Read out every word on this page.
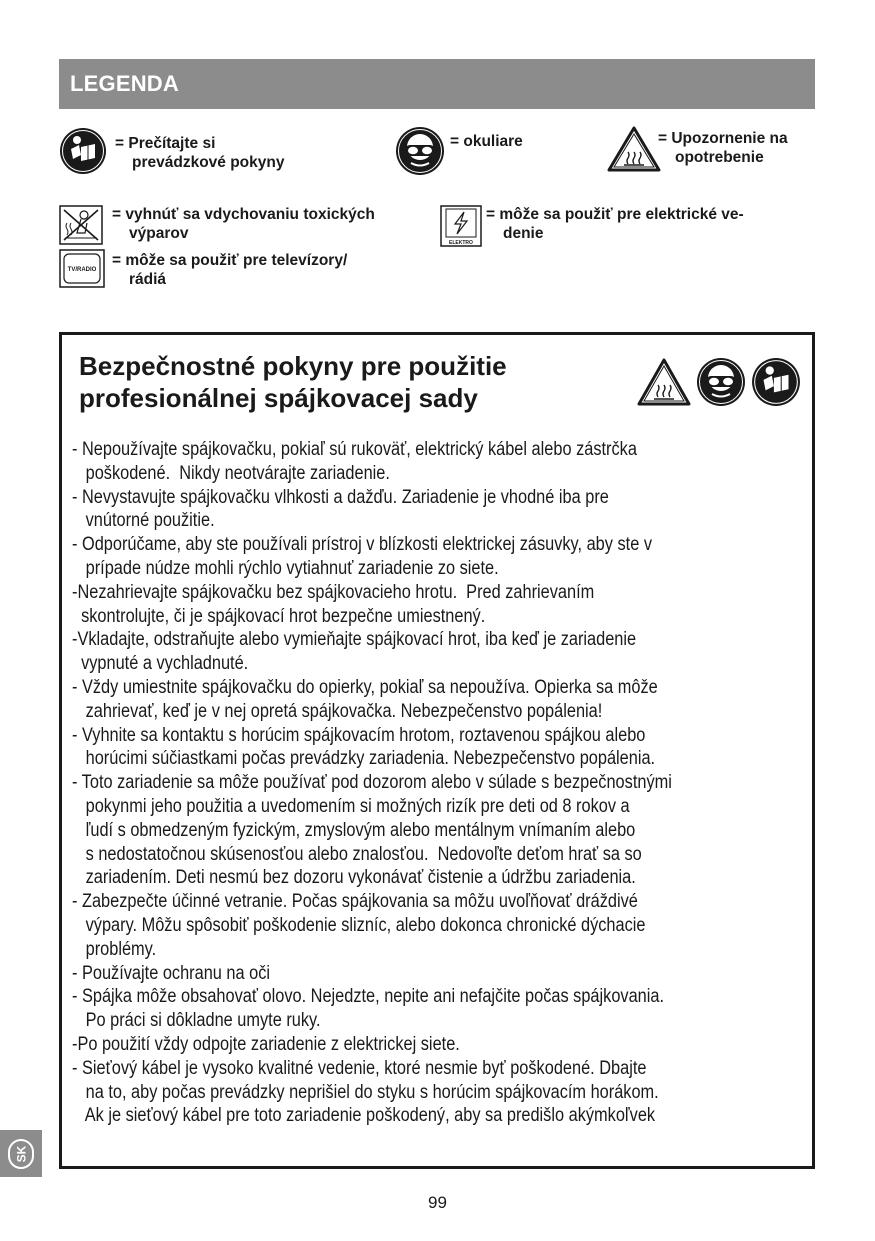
LEGENDA
= Prečítajte si
prevádzkové pokyny
= okuliare	= Upozornenie na
opotrebenie
= vyhnúť sa vdychovaniu toxických
výparov
ELEKTRO
= môže sa použiť pre elektrické ve-
denie
TV/RADIO
= môže sa použiť pre televízory/
rádiá
Bezpečnostné pokyny pre použitie
profesionálnej spájkovacej sady
- Nepoužívajte spájkovačku, pokiaľ sú rukoväť, elektrický kábel alebo zástrčka
poškodené.  Nikdy neotvárajte zariadenie.
- Nevystavujte spájkovačku vlhkosti a dažďu. Zariadenie je vhodné iba pre
vnútorné použitie.
- Odporúčame, aby ste používali prístroj v blízkosti elektrickej zásuvky, aby ste v
prípade núdze mohli rýchlo vytiahnuť zariadenie zo siete.
-Nezahrievajte spájkovačku bez spájkovacieho hrotu.  Pred zahrievaním
skontrolujte, či je spájkovací hrot bezpečne umiestnený.
-Vkladajte, odstraňujte alebo vymieňajte spájkovací hrot, iba keď je zariadenie
vypnuté a vychladnuté.
- Vždy umiestnite spájkovačku do opierky, pokiaľ sa nepoužíva. Opierka sa môže
zahrievať, keď je v nej opretá spájkovačka. Nebezpečenstvo popálenia!
- Vyhnite sa kontaktu s horúcim spájkovacím hrotom, roztavenou spájkou alebo
horúcimi súčiastkami počas prevádzky zariadenia. Nebezpečenstvo popálenia.
- Toto zariadenie sa môže používať pod dozorom alebo v súlade s bezpečnostnými
pokynmi jeho použitia a uvedomením si možných rizík pre deti od 8 rokov a
ľudí s obmedzeným fyzickým, zmyslovým alebo mentálnym vnímaním alebo
s nedostatočnou skúsenosťou alebo znalosťou.  Nedovoľte deťom hrať sa so
zariadením. Deti nesmú bez dozoru vykonávať čistenie a údržbu zariadenia.
- Zabezpečte účinné vetranie. Počas spájkovania sa môžu uvoľňovať dráždivé
výpary. Môžu spôsobiť poškodenie slizníc, alebo dokonca chronické dýchacie
problémy.
- Používajte ochranu na oči
- Spájka môže obsahovať olovo. Nejedzte, nepite ani nefajčite počas spájkovania.
Po práci si dôkladne umyte ruky.
-Po použití vždy odpojte zariadenie z elektrickej siete.
- Sieťový kábel je vysoko kvalitné vedenie, ktoré nesmie byť poškodené. Dbajte
na to, aby počas prevádzky neprišiel do styku s horúcim spájkovacím horákom.
Ak je sieťový kábel pre toto zariadenie poškodený, aby sa predišlo akýmkoľvek
SK
99
